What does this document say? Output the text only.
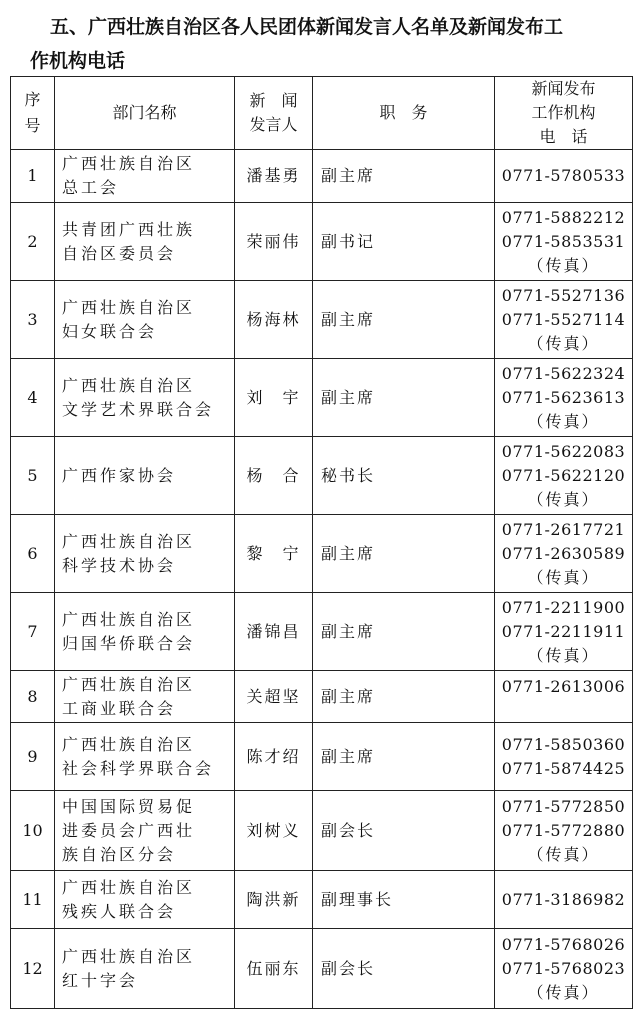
五、广西壮族自治区各人民团体新闻发言人名单及新闻发布工
作机构电话
序
号	部门名称	新　闻
发言人	职　务	新闻发布
工作机构
电　话

1	广西壮族自治区
总工会	潘基勇	副主席	0771-5780533

2	共青团广西壮族
自治区委员会	荣丽伟	副书记	0771-5882212
0771-5853531
（传真）

3	广西壮族自治区
妇女联合会	杨海林	副主席	0771-5527136
0771-5527114
（传真）

4	广西壮族自治区
文学艺术界联合会	刘　宇	副主席	0771-5622324
0771-5623613
（传真）

5	广西作家协会	杨　合	秘书长	0771-5622083
0771-5622120
（传真）

6	广西壮族自治区
科学技术协会	黎　宁	副主席	0771-2617721
0771-2630589
（传真）

7	广西壮族自治区
归国华侨联合会	潘锦昌	副主席	0771-2211900
0771-2211911
（传真）

8	广西壮族自治区
工商业联合会	关超坚	副主席	0771-2613006

9	广西壮族自治区
社会科学界联合会	陈才绍	副主席	0771-5850360
0771-5874425

10	中国国际贸易促
进委员会广西壮
族自治区分会	刘树义	副会长	0771-5772850
0771-5772880
（传真）

11	广西壮族自治区
残疾人联合会	陶洪新	副理事长	0771-3186982

12	广西壮族自治区
红十字会	伍丽东	副会长	0771-5768026
0771-5768023
（传真）
